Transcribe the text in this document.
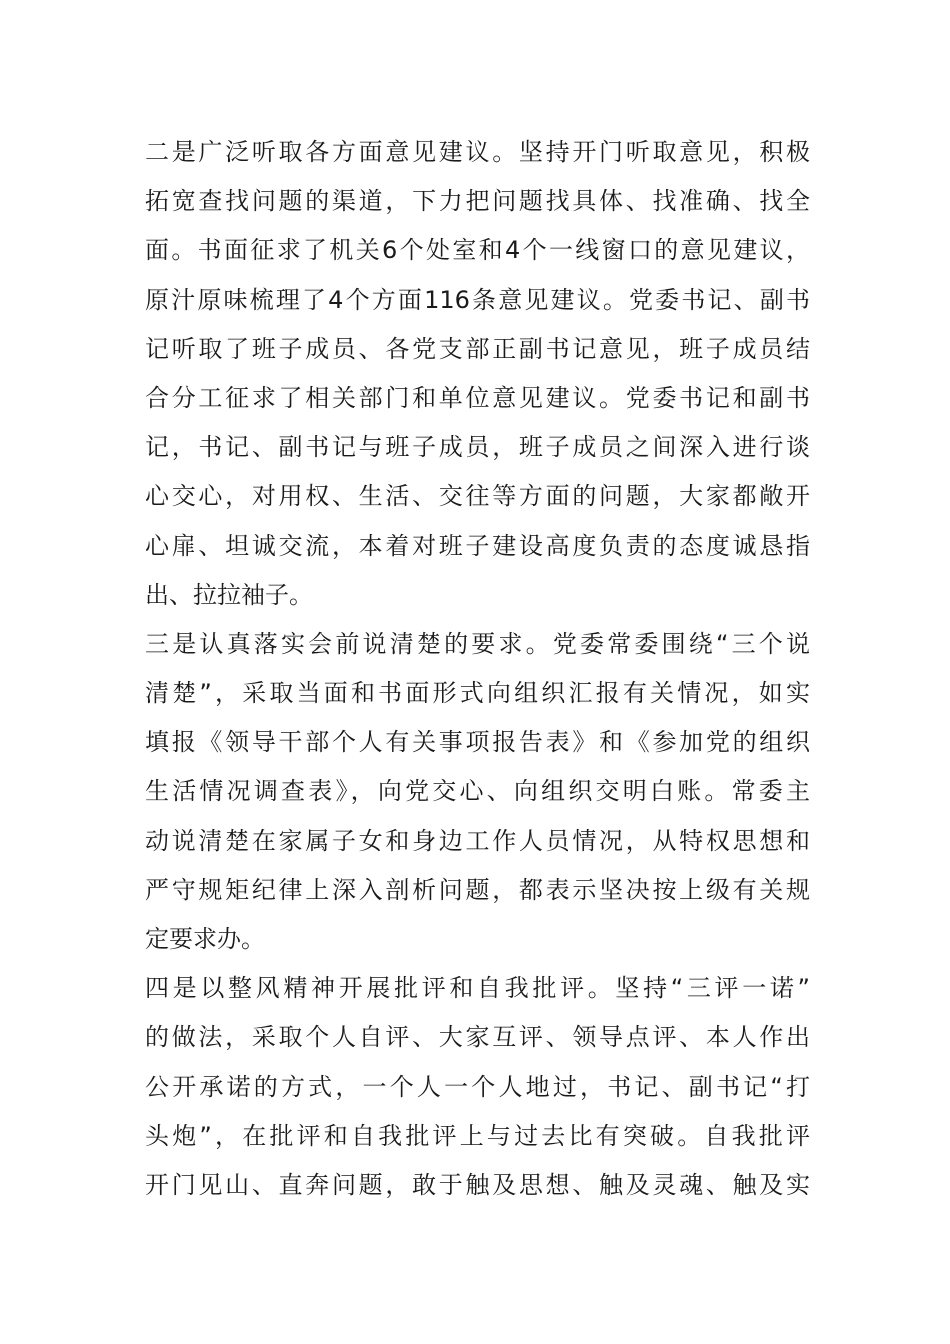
二是广泛听取各方面意见建议。坚持开门听取意见，积极
拓宽查找问题的渠道，下力把问题找具体、找准确、找全
面。书面征求了机关6个处室和4个一线窗口的意见建议，
原汁原味梳理了4个方面116条意见建议。党委书记、副书
记听取了班子成员、各党支部正副书记意见，班子成员结
合分工征求了相关部门和单位意见建议。党委书记和副书
记，书记、副书记与班子成员，班子成员之间深入进行谈
心交心，对用权、生活、交往等方面的问题，大家都敞开
心扉、坦诚交流，本着对班子建设高度负责的态度诚恳指
出、拉拉袖子。
三是认真落实会前说清楚的要求。党委常委围绕“三个说
清楚”，采取当面和书面形式向组织汇报有关情况，如实
填报《领导干部个人有关事项报告表》和《参加党的组织
生活情况调查表》，向党交心、向组织交明白账。常委主
动说清楚在家属子女和身边工作人员情况，从特权思想和
严守规矩纪律上深入剖析问题，都表示坚决按上级有关规
定要求办。
四是以整风精神开展批评和自我批评。坚持“三评一诺”
的做法，采取个人自评、大家互评、领导点评、本人作出
公开承诺的方式，一个人一个人地过，书记、副书记“打
头炮”，在批评和自我批评上与过去比有突破。自我批评
开门见山、直奔问题，敢于触及思想、触及灵魂、触及实
